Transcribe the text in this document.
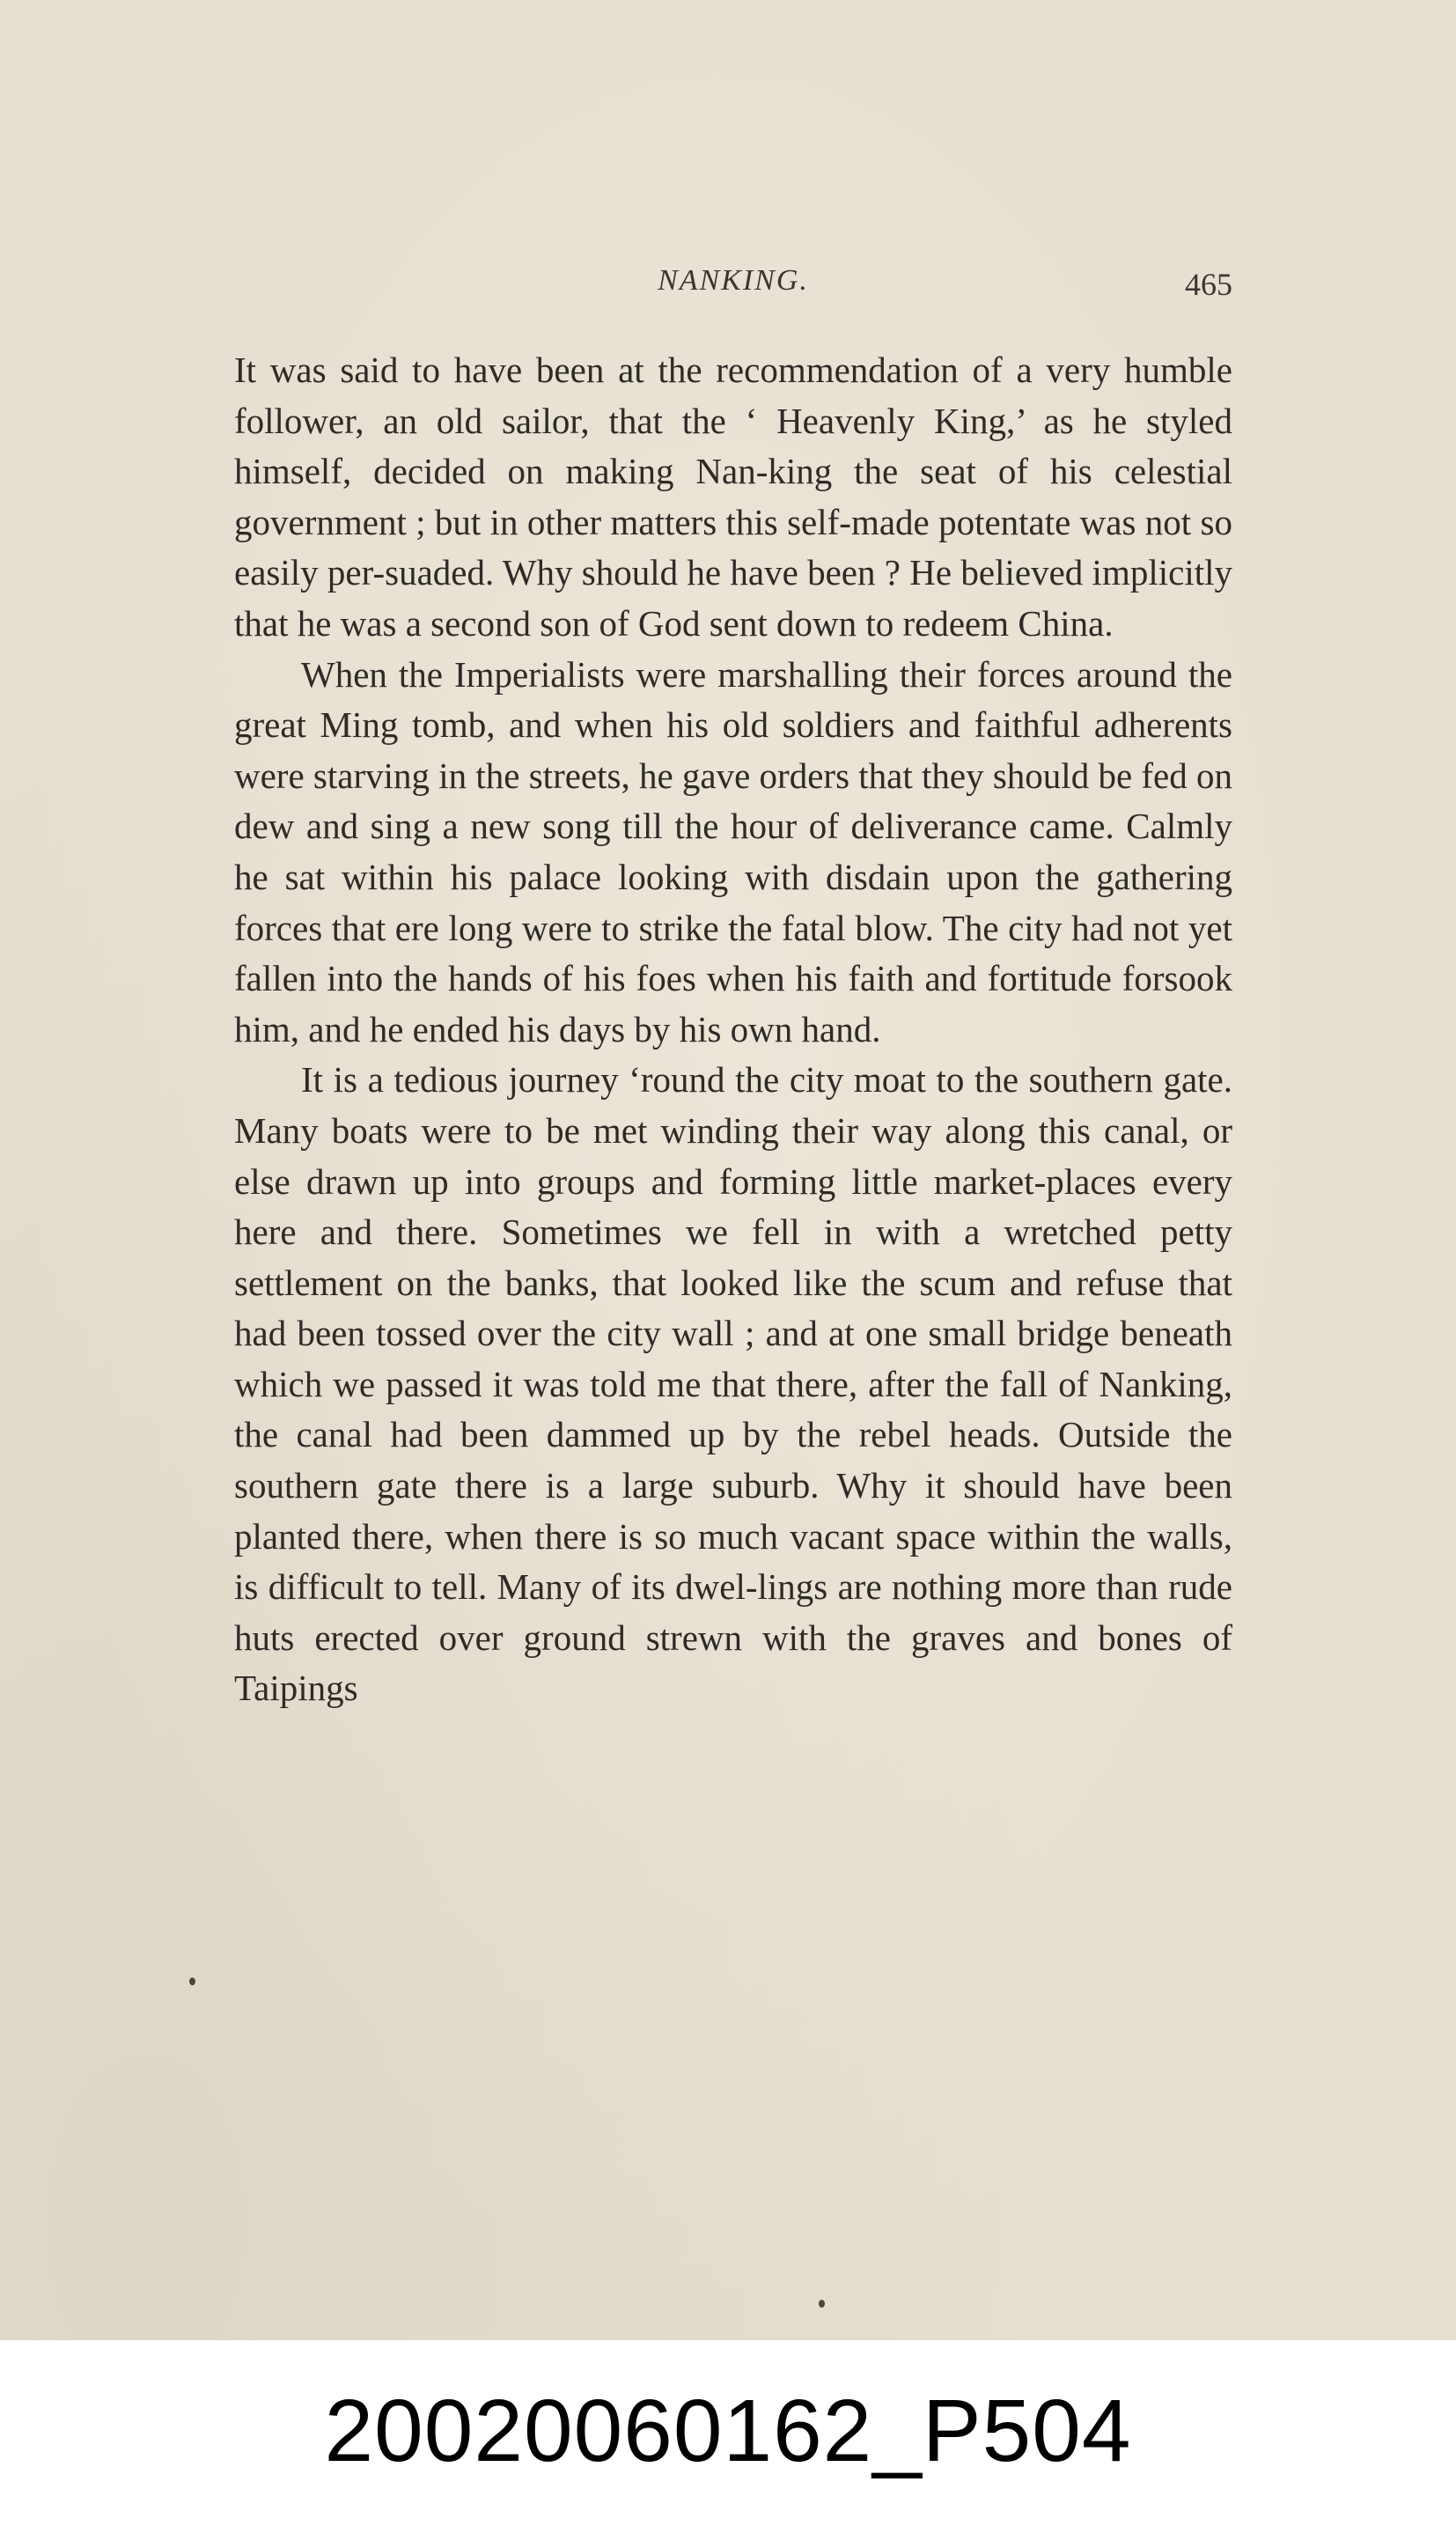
NANKING.	465

It was said to have been at the recommendation of a very humble follower, an old sailor, that the ‘ Heavenly King,’ as he styled himself, decided on making Nan-king the seat of his celestial government ; but in other matters this self-made potentate was not so easily per-suaded. Why should he have been ? He believed implicitly that he was a second son of God sent down to redeem China.

When the Imperialists were marshalling their forces around the great Ming tomb, and when his old soldiers and faithful adherents were starving in the streets, he gave orders that they should be fed on dew and sing a new song till the hour of deliverance came. Calmly he sat within his palace looking with disdain upon the gathering forces that ere long were to strike the fatal blow. The city had not yet fallen into the hands of his foes when his faith and fortitude forsook him, and he ended his days by his own hand.

It is a tedious journey ‘round the city moat to the southern gate. Many boats were to be met winding their way along this canal, or else drawn up into groups and forming little market-places every here and there. Sometimes we fell in with a wretched petty settlement on the banks, that looked like the scum and refuse that had been tossed over the city wall ; and at one small bridge beneath which we passed it was told me that there, after the fall of Nanking, the canal had been dammed up by the rebel heads. Outside the southern gate there is a large suburb. Why it should have been planted there, when there is so much vacant space within the walls, is difficult to tell. Many of its dwel-lings are nothing more than rude huts erected over ground strewn with the graves and bones of Taipings

20020060162_P504
